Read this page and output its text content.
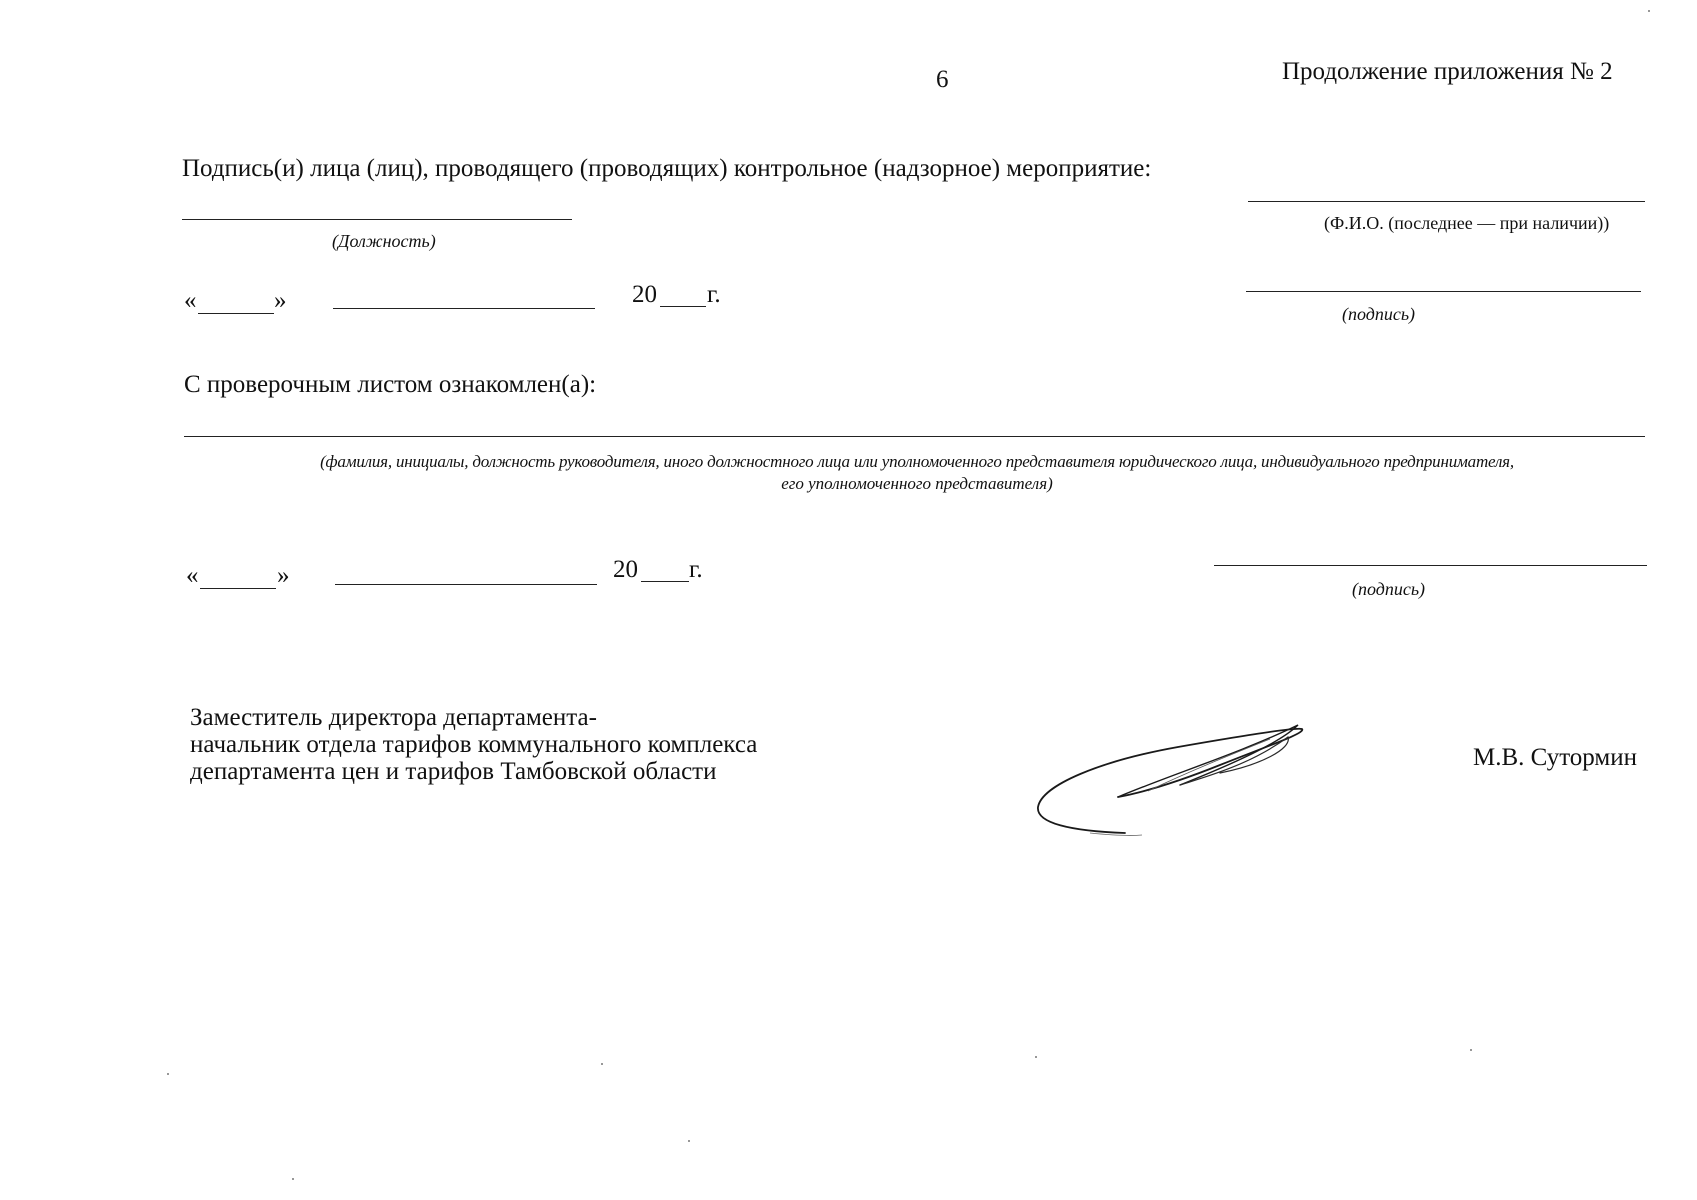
6	Продолжение приложения № 2
Подпись(и) лица (лиц), проводящего (проводящих) контрольное (надзорное) мероприятие:
(Должность)
(Ф.И.О. (последнее — при наличии))
«	»	20 г.
(подпись)
С проверочным листом ознакомлен(а):
(фамилия, инициалы, должность руководителя, иного должностного лица или уполномоченного представителя юридического лица, индивидуального предпринимателя,
его уполномоченного представителя)
«	»	20 г.
(подпись)
Заместитель директора департамента-
начальник отдела тарифов коммунального комплекса
департамента цен и тарифов Тамбовской области
М.В. Сутормин
